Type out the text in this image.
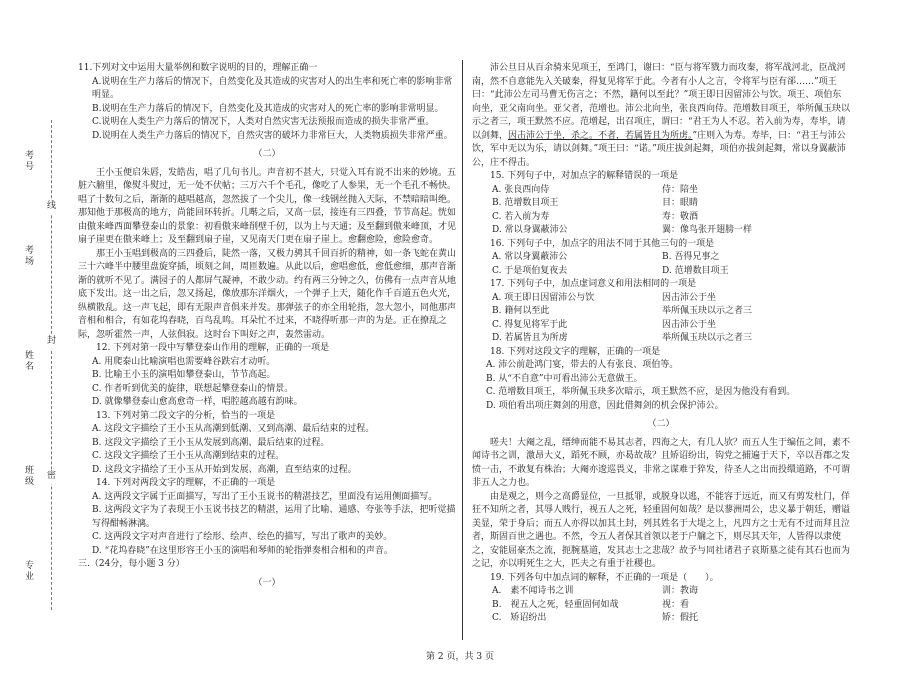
考号
考场
姓名
班级
专业
线
封
密

11.下列对文中运用大量举例和数字说明的目的，理解正确一

A.说明在生产力落后的情况下，自然变化及其造成的灾害对人的出生率和死亡率的影响非常明显。

B.说明在生产力落后的情况下，自然变化及其造成的灾害对人的死亡率的影响非常明显。

C.说明在人类生产力落后的情况下，人类对自然灾害无法预报而造成的损失非常严重。

D.说明在人类生产力落后的情况下，自然灾害的破坏力非常巨大，人类物质损失非常严重。

（二）

王小玉便启朱唇，发皓齿，唱了几句书儿。声音初不甚大，只觉入耳有说不出来的妙境。五脏六腑里，像熨斗熨过，无一处不伏帖；三万六千个毛孔，像吃了人参果，无一个毛孔不畅快。唱了十数句之后，渐渐的越唱越高，忽然拔了一个尖儿，像一线钢丝抛入天际，不禁暗暗叫绝。那知他于那极高的地方，尚能回环转折。几啭之后，又高一层，接连有三四叠，节节高起。恍如由傲来峰西面攀登泰山的景象：初看傲来峰削壁千仞，以为上与天通；及至翻到傲来峰顶，才见扇子崖更在傲来峰上；及至翻到扇子崖，又见南天门更在扇子崖上。愈翻愈险，愈险愈奇。

那王小玉唱到极高的三四叠后，陡然一落，又极力骋其千回百折的精神，如一条飞蛇在黄山三十六峰半中腰里盘旋穿插，顷刻之间，周匝数遍。从此以后，愈唱愈低，愈低愈细，那声音渐渐的就听不见了。满园子的人都屏气凝神，不敢少动。约有两三分钟之久，仿佛有一点声音从地底下发出。这一出之后，忽又扬起，像放那东洋烟火，一个弹子上天，随化作千百道五色火光，纵横散乱。这一声飞起，即有无限声音俱来并发。那弹弦子的亦全用轮指，忽大忽小，同他那声音相和相合，有如花坞春晓，百鸟乱鸣。耳朵忙不过来，不晓得听那一声的为是。正在撩乱之际，忽听霍然一声，人弦俱寂。这时台下叫好之声，轰然雷动。

12. 下列对第一段中写攀登泰山作用的理解，正确的一项是

A. 用爬泰山比喻演唱也需要峰谷跌宕才动听。

B. 比喻王小玉的演唱如攀登泰山，节节高起。

C. 作者听到优美的旋律，联想起攀登泰山的情景。

D. 就像攀登泰山愈高愈奇一样，唱腔越高越有韵味。

13. 下列对第二段文字的分析，恰当的一项是

A. 这段文字描绘了王小玉从高潮到低潮、又到高潮、最后结束的过程。

B. 这段文字描绘了王小玉从发展到高潮、最后结束的过程。

C. 这段文字描绘了王小玉从高潮到结束的过程。

D. 这段文字描绘了王小玉从开始到发展、高潮，直至结束的过程。

14. 下列对两段文字的理解，不正确的一项是

A. 这两段文字属于正面描写，写出了王小玉说书的精湛技艺，里面没有运用侧面描写。

B. 这两段文字为了表现王小玉说书技艺的精湛，运用了比喻、通感、夸张等手法，把听觉描写得酣畅淋漓。

C. 这两段文字对声音进行了绘形、绘声、绘色的描写，写出了歌声的美妙。

D. “花坞春晓”在这里形容王小玉的演唱和琴师的轮指弹奏相合相和的声音。

三.（24分，每小题 3 分）

（一）

沛公旦日从百余骑来见项王，至鸿门，谢曰：“臣与将军戮力而攻秦，将军战河北，臣战河南，然不自意能先入关破秦，得复见将军于此。今者有小人之言，令将军与臣有郤……”项王曰：“此沛公左司马曹无伤言之；不然，籍何以至此？”项王即日因留沛公与饮。项王、项伯东向坐，亚父南向坐。亚父者，范增也。沛公北向坐，张良西向侍。范增数目项王，举所佩玉玦以示之者三，项王默然不应。范增起，出召项庄，谓曰：“君王为人不忍。若入前为寿，寿毕，请以剑舞，因击沛公于坐，杀之。不者，若属皆且为所虏。”庄则入为寿。寿毕，曰：“君王与沛公饮，军中无以为乐，请以剑舞。”项王曰：“诺。”项庄拔剑起舞，项伯亦拔剑起舞，常以身翼蔽沛公，庄不得击。

15. 下列句子中，对加点字的解释错误的一项是

A. 张良西向侍	侍：陪坐
B. 范增数目项王	目：眼睛
C. 若入前为寿	寿：敬酒
D. 常以身翼蔽沛公	翼：像鸟张开翅膀一样

16. 下列句子中，加点字的用法不同于其他三句的一项是

A. 常以身翼蔽沛公	B. 吾得兄事之
C. 于是项伯复夜去	D. 范增数目项王

17. 下列句子中，加点虚词意义和用法相同的一项是

A. 项王即日因留沛公与饮	因击沛公于坐
B. 籍何以至此	举所佩玉玦以示之者三
C. 得复见将军于此	因击沛公于坐
D. 若属皆且为所虏	举所佩玉玦以示之者三

18. 下列对这段文字的理解，正确的一项是

A. 沛公前赴鸿门宴，带去的人有张良、项伯等。

B. 从“不自意”中可看出沛公无意做王。

C. 范增数目项王，举所佩玉玦多次暗示，项王默然不应，是因为他没有看到。

D. 项伯看出项庄舞剑的用意，因此借舞剑的机会保护沛公。

（二）

嗟夫！大阉之乱，缙绅而能不易其志者，四海之大，有几人欤？而五人生于编伍之间，素不闻诗书之训，激昂大义，蹈死不顾，亦曷故哉？且矫诏纷出，钩党之捕遍于天下，卒以吾郡之发愤一击，不敢复有株治；大阉亦逡巡畏义，非常之谋难于猝发，待圣人之出而投缳道路，不可谓非五人之力也。

由是观之，则今之高爵显位，一旦抵罪，或脱身以逃，不能容于远近，而又有剪发杜门，佯狂不知所之者，其辱人贱行，视五人之死，轻重固何如哉？是以蓼洲周公，忠义暴于朝廷，赠谥美显，荣于身后；而五人亦得以加其土封，列其姓名于大堤之上，凡四方之士无有不过而拜且泣者，斯固百世之遇也。不然，令五人者保其首领以老于户牖之下，则尽其天年，人皆得以隶使之，安能屈豪杰之流，扼腕墓道，发其志士之悲哉？故予与同社诸君子哀斯墓之徒有其石也而为之记，亦以明死生之大，匹夫之有重于社稷也。

19. 下列各句中加点词的解释，不正确的一项是（　　）。

A.　素不闻诗书之训	训：教诲
B.　视五人之死，轻重固何如哉	视：看
C.　矫诏纷出	矫：假托
第 2 页，共 3 页
